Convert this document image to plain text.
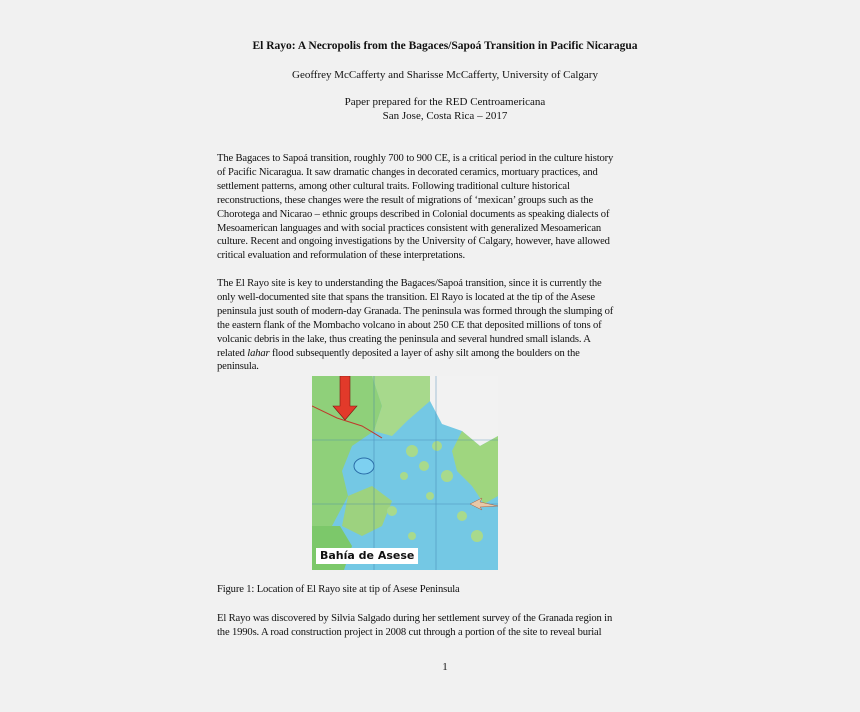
El Rayo: A Necropolis from the Bagaces/Sapoá Transition in Pacific Nicaragua
Geoffrey McCafferty and Sharisse McCafferty, University of Calgary
Paper prepared for the RED Centroamericana
San Jose, Costa Rica – 2017
The Bagaces to Sapoá transition, roughly 700 to 900 CE, is a critical period in the culture history
of Pacific Nicaragua. It saw dramatic changes in decorated ceramics, mortuary practices, and
settlement patterns, among other cultural traits. Following traditional culture historical
reconstructions, these changes were the result of migrations of ‘mexican’ groups such as the
Chorotega and Nicarao – ethnic groups described in Colonial documents as speaking dialects of
Mesoamerican languages and with social practices consistent with generalized Mesoamerican
culture. Recent and ongoing investigations by the University of Calgary, however, have allowed
critical evaluation and reformulation of these interpretations.
The El Rayo site is key to understanding the Bagaces/Sapoá transition, since it is currently the
only well-documented site that spans the transition. El Rayo is located at the tip of the Asese
peninsula just south of modern-day Granada. The peninsula was formed through the slumping of
the eastern flank of the Mombacho volcano in about 250 CE that deposited millions of tons of
volcanic debris in the lake, thus creating the peninsula and several hundred small islands. A
related lahar flood subsequently deposited a layer of ashy silt among the boulders on the
peninsula.
Bahía de Asese
Figure 1: Location of El Rayo site at tip of Asese Peninsula
El Rayo was discovered by Silvia Salgado during her settlement survey of the Granada region in
the 1990s. A road construction project in 2008 cut through a portion of the site to reveal burial
1
